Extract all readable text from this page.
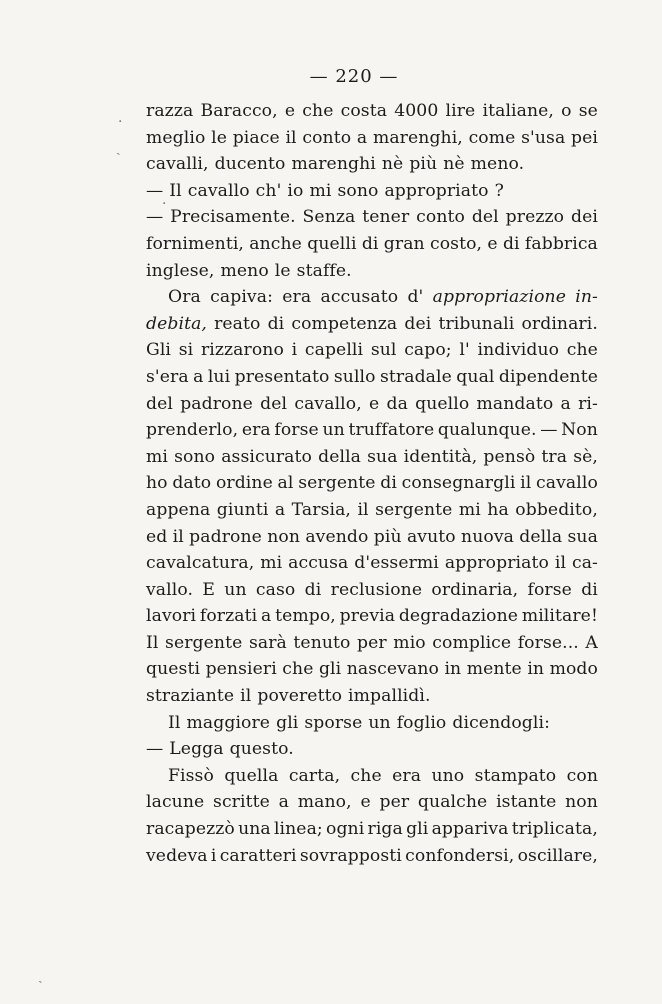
— 220 —
razza Baracco, e che costa 4000 lire italiane, o se
meglio le piace il conto a marenghi, come s'usa pei
cavalli, ducento marenghi nè più nè meno.
— Il cavallo ch' io mi sono appropriato ?
— Precisamente. Senza tener conto del prezzo dei
fornimenti, anche quelli di gran costo, e di fabbrica
inglese, meno le staffe.
Ora capiva: era accusato d' appropriazione in-
debita, reato di competenza dei tribunali ordinari.
Gli si rizzarono i capelli sul capo; l' individuo che
s'era a lui presentato sullo stradale qual dipendente
del padrone del cavallo, e da quello mandato a ri-
prenderlo, era forse un truffatore qualunque. — Non
mi sono assicurato della sua identità, pensò tra sè,
ho dato ordine al sergente di consegnargli il cavallo
appena giunti a Tarsia, il sergente mi ha obbedito,
ed il padrone non avendo più avuto nuova della sua
cavalcatura, mi accusa d'essermi appropriato il ca-
vallo. E un caso di reclusione ordinaria, forse di
lavori forzati a tempo, previa degradazione militare!
Il sergente sarà tenuto per mio complice forse... A
questi pensieri che gli nascevano in mente in modo
straziante il poveretto impallidì.
Il maggiore gli sporse un foglio dicendogli:
— Legga questo.
Fissò quella carta, che era uno stampato con
lacune scritte a mano, e per qualche istante non
racapezzò una linea; ogni riga gli appariva triplicata,
vedeva i caratteri sovrapposti confondersi, oscillare,
·
ˎ
·
ˎ
